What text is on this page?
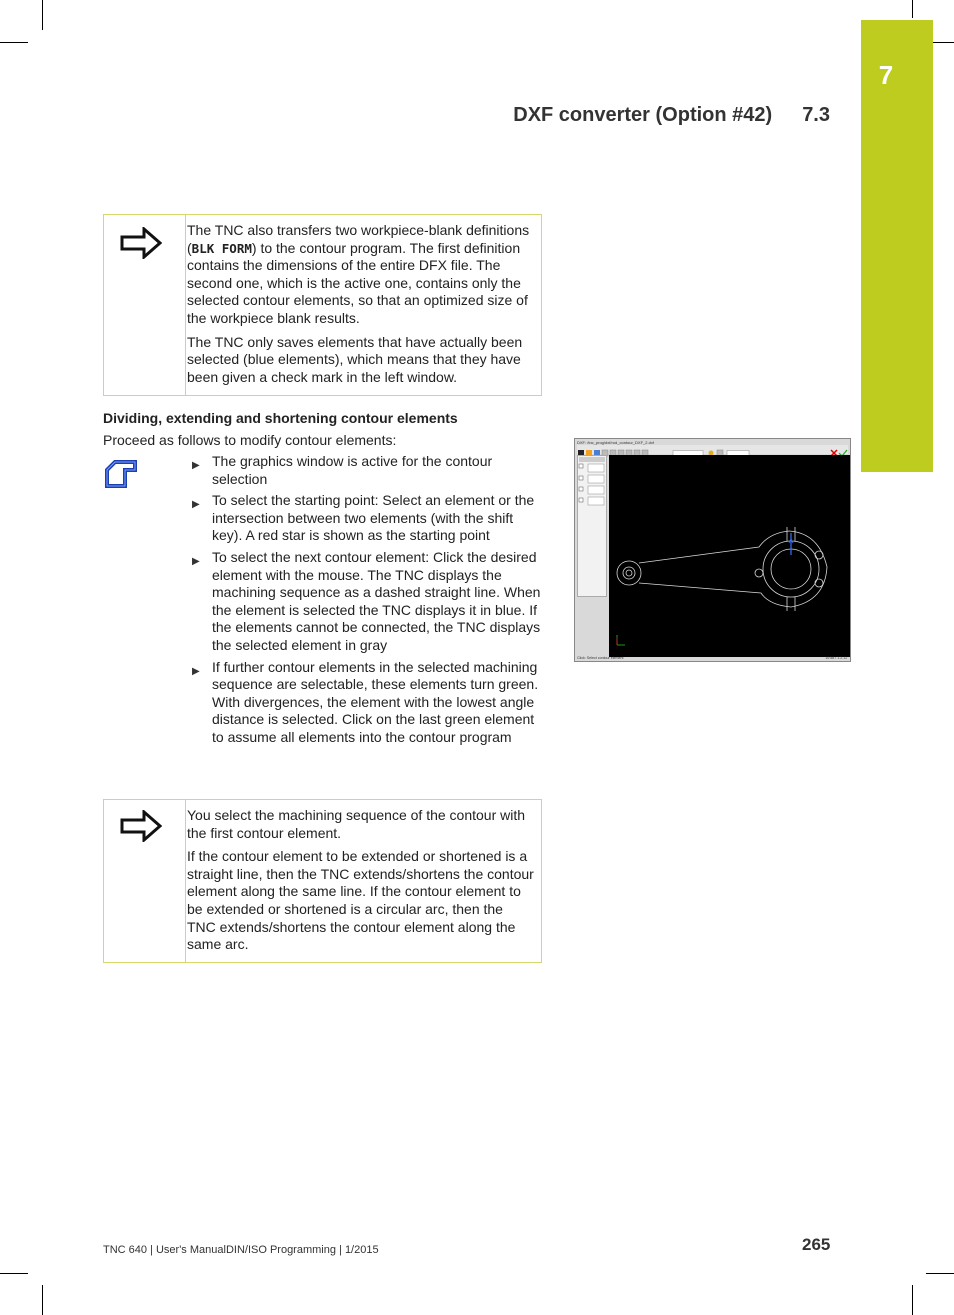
7
DXF converter (Option #42) 7.3

The TNC also transfers two workpiece-blank definitions (BLK FORM) to the contour program. The first definition contains the dimensions of the entire DFX file. The second one, which is the active one, contains only the selected contour elements, so that an optimized size of the workpiece blank results.

The TNC only saves elements that have actually been selected (blue elements), which means that they have been given a check mark in the left window.

Dividing, extending and shortening contour elements
Proceed as follows to modify contour elements:
▶ The graphics window is active for the contour selection
▶ To select the starting point: Select an element or the intersection between two elements (with the shift key). A red star is shown as the starting point
▶ To select the next contour element: Click the desired element with the mouse. The TNC displays the machining sequence as a dashed straight line. When the element is selected the TNC displays it in blue. If the elements cannot be connected, the TNC displays the selected element in gray
▶ If further contour elements in the selected machining sequence are selectable, these elements turn green. With divergences, the element with the lowest angle distance is selected. Click on the last green element to assume all elements into the contour program
DXF: /tnc_prog/dxf/rod_contour_DXF_2.dxf
Click: Select contour element	10:58 / 1.2.11

You select the machining sequence of the contour with the first contour element.

If the contour element to be extended or shortened is a straight line, then the TNC extends/shortens the contour element along the same line. If the contour element to be extended or shortened is a circular arc, then the TNC extends/shortens the contour element along the same arc.

TNC 640 | User's ManualDIN/ISO Programming | 1/2015	265
